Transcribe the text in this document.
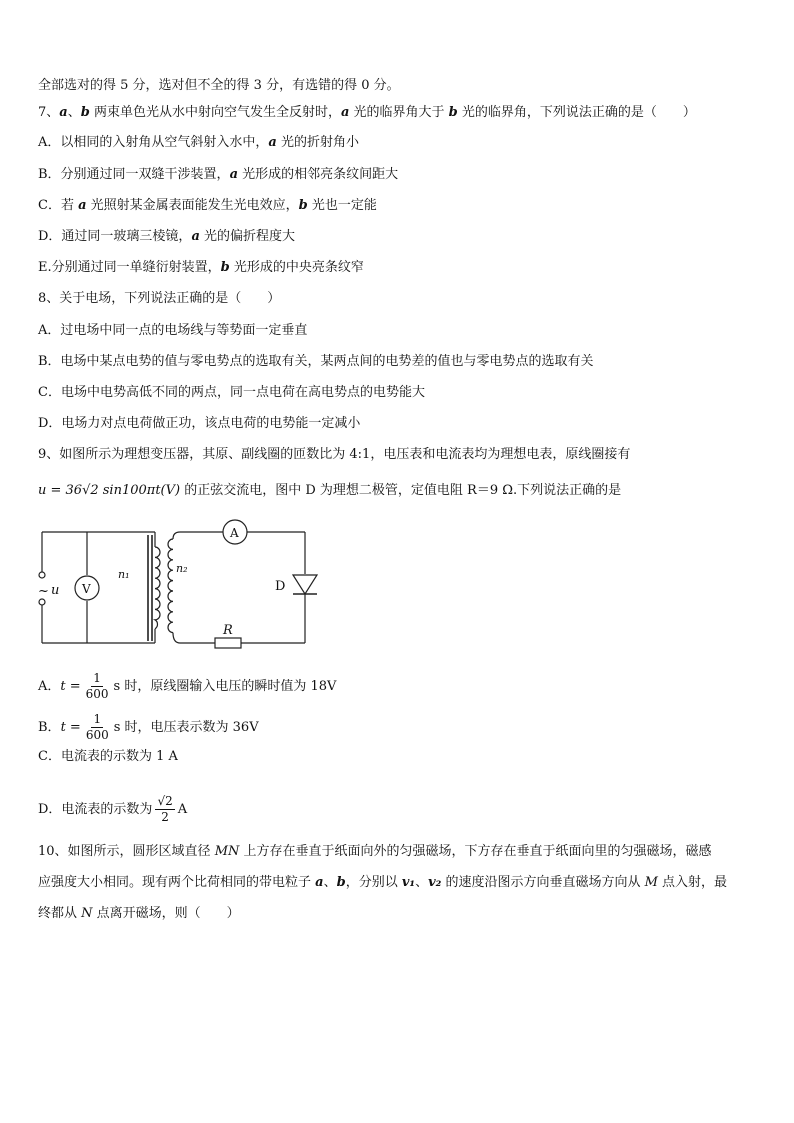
全部选对的得 5 分，选对但不全的得 3 分，有选错的得 0 分。
7、a、b 两束单色光从水中射向空气发生全反射时，a 光的临界角大于 b 光的临界角，下列说法正确的是（　　）
A．以相同的入射角从空气斜射入水中，a 光的折射角小
B．分别通过同一双缝干涉装置，a 光形成的相邻亮条纹间距大
C．若 a 光照射某金属表面能发生光电效应，b 光也一定能
D．通过同一玻璃三棱镜，a 光的偏折程度大
E.分别通过同一单缝衍射装置，b 光形成的中央亮条纹窄
8、关于电场，下列说法正确的是（　　）
A．过电场中同一点的电场线与等势面一定垂直
B．电场中某点电势的值与零电势点的选取有关，某两点间的电势差的值也与零电势点的选取有关
C．电场中电势高低不同的两点，同一点电荷在高电势点的电势能大
D．电场力对点电荷做正功，该点电荷的电势能一定减小
9、如图所示为理想变压器，其原、副线圈的匝数比为 4:1，电压表和电流表均为理想电表，原线圈接有
u = 36√2 sin100πt(V) 的正弦交流电，图中 D 为理想二极管，定值电阻 R＝9 Ω.下列说法正确的是
~ u V
n₁	n₂
A
D
R
A．$t = \frac{1}{600}$ s 时，原线圈输入电压的瞬时值为 18V
B．$t = \frac{1}{600}$ s 时，电压表示数为 36V
C．电流表的示数为 1 A
D．电流表的示数为 $\frac{√2}{2}$ A
10、如图所示，圆形区域直径 MN 上方存在垂直于纸面向外的匀强磁场，下方存在垂直于纸面向里的匀强磁场，磁感
应强度大小相同。现有两个比荷相同的带电粒子 a、b，分别以 v₁、v₂ 的速度沿图示方向垂直磁场方向从 M 点入射，最
终都从 N 点离开磁场，则（　　）
